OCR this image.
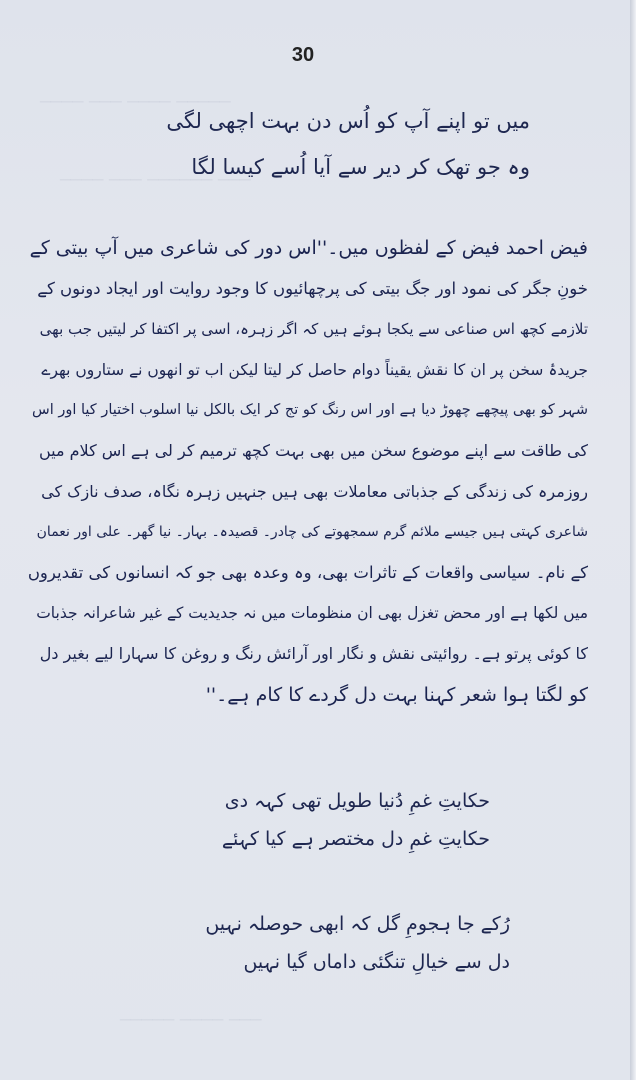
──── ─── ──── ─────
──── ─── ────── ───
───── ──── ───
30
میں تو اپنے آپ کو اُس دن بہت اچھی لگی
وہ جو تھک کر دیر سے آیا اُسے کیسا لگا
فیض احمد فیض کے لفظوں میں۔''اس دور کی شاعری میں آپ بیتی کے
خونِ جگر کی نمود اور جگ بیتی کی پرچھائیوں کا وجود روایت اور ایجاد دونوں کے
تلازمے کچھ اس صناعی سے یکجا ہوئے ہیں کہ اگر زہرہ، اسی پر اکتفا کر لیتیں جب بھی
جریدۂ سخن پر ان کا نقش یقیناً دوام حاصل کر لیتا لیکن اب تو انھوں نے ستاروں بھرے
شہر کو بھی پیچھے چھوڑ دیا ہے اور اس رنگ کو تج کر ایک بالکل نیا اسلوب اختیار کیا اور اس
کی طاقت سے اپنے موضوع سخن میں بھی بہت کچھ ترمیم کر لی ہے اس کلام میں
روزمرہ کی زندگی کے جذباتی معاملات بھی ہیں جنہیں زہرہ نگاہ، صدف نازک کی
شاعری کہتی ہیں جیسے ملائم گرم سمجھوتے کی چادر۔ قصیدہ۔ بہار۔ نیا گھر۔ علی اور نعمان
کے نام۔ سیاسی واقعات کے تاثرات بھی، وہ وعدہ بھی جو کہ انسانوں کی تقدیروں
میں لکھا ہے اور محض تغزل بھی ان منظومات میں نہ جدیدیت کے غیر شاعرانہ جذبات
کا کوئی پرتو ہے۔ روائیتی نقش و نگار اور آرائش رنگ و روغن کا سہارا لیے بغیر دل
کو لگتا ہوا شعر کہنا بہت دل گردے کا کام ہے۔''
حکایتِ غمِ دُنیا طویل تھی کہہ دی
حکایتِ غمِ دل مختصر ہے کیا کہئے
رُکے جا ہجومِ گل کہ ابھی حوصلہ نہیں
دل سے خیالِ تنگئی داماں گیا نہیں
